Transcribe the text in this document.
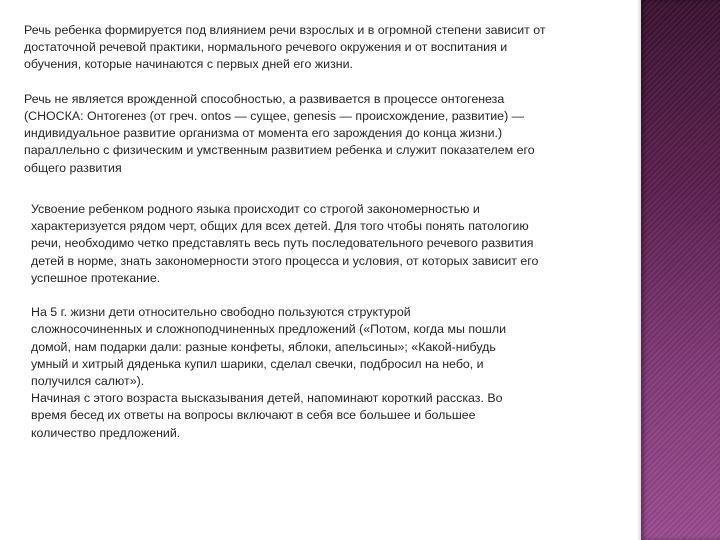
Речь ребенка формируется под влиянием речи взрослых и в огромной степени зависит от
достаточной речевой практики, нормального речевого окружения и от воспитания и
обучения, которые начинаются с первых дней его жизни.

Речь не является врожденной способностью, а развивается в процессе онтогенеза
(СНОСКА: Онтогенез (от греч. ontos — сущее, genesis — происхождение, развитие) —
индивидуальное развитие организма от момента его зарождения до конца жизни.)
параллельно с физическим и умственным развитием ребенка и служит показателем его
общего развития

Усвоение ребенком родного языка происходит со строгой закономерностью и
характеризуется рядом черт, общих для всех детей. Для того чтобы понять патологию
речи, необходимо четко представлять весь путь последовательного речевого развития
детей в норме, знать закономерности этого процесса и условия, от которых зависит его
успешное протекание.

На 5 г. жизни дети относительно свободно пользуются структурой
сложносочиненных и сложноподчиненных предложений («Потом, когда мы пошли
домой, нам подарки дали: разные конфеты, яблоки, апельсины»; «Какой-нибудь
умный и хитрый дяденька купил шарики, сделал свечки, подбросил на небо, и
получился салют»).

Начиная с этого возраста высказывания детей, напоминают короткий рассказ. Во
время бесед их ответы на вопросы включают в себя все большее и большее
количество предложений.
